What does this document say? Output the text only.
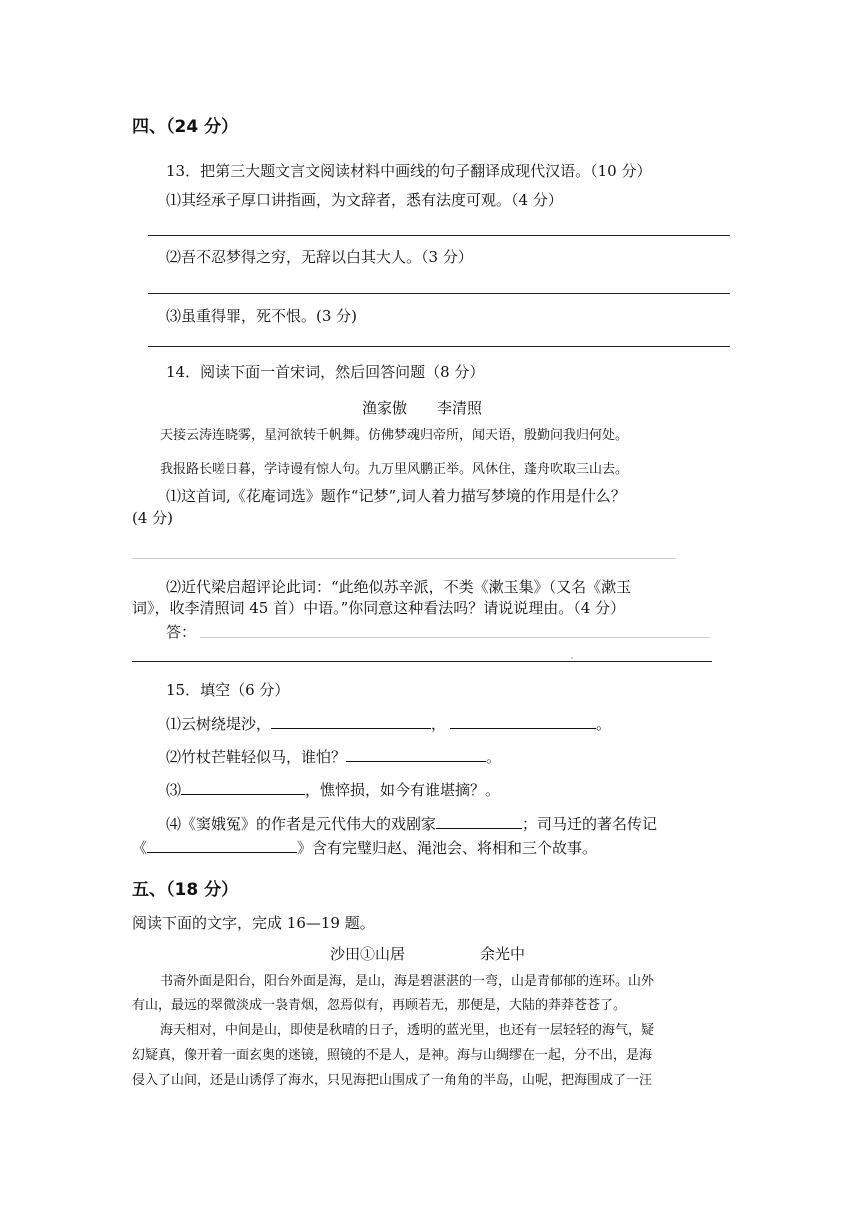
四、（24 分）
13．把第三大题文言文阅读材料中画线的句子翻译成现代汉语。（10 分）
⑴其经承子厚口讲指画，为文辞者，悉有法度可观。（4 分）
⑵吾不忍梦得之穷，无辞以白其大人。（3 分）
⑶虽重得罪，死不恨。(3 分)
14．阅读下面一首宋词，然后回答问题（8 分）
渔家傲　　李清照
天接云涛连晓雾，星河欲转千帆舞。仿佛梦魂归帝所，闻天语，殷勤问我归何处。
我报路长嗟日暮，学诗谩有惊人句。九万里风鹏正举。风休住，蓬舟吹取三山去。
⑴这首词,《花庵词选》题作“记梦”,词人着力描写梦境的作用是什么？
(4 分)
⑵近代梁启超评论此词：“此绝似苏辛派，不类《漱玉集》（又名《漱玉
词》，收李清照词 45 首）中语。”你同意这种看法吗？请说说理由。（4 分）
答：
15．填空（6 分）
⑴云树绕堤沙，	，	。
⑵竹杖芒鞋轻似马，谁怕？	。
⑶	，憔悴损，如今有谁堪摘？。
⑷《窦娥冤》的作者是元代伟大的戏剧家	；司马迁的著名传记
《	》含有完璧归赵、渑池会、将相和三个故事。
五、（18 分）
阅读下面的文字，完成 16—19 题。
沙田①山居　　　　　余光中
书斋外面是阳台，阳台外面是海，是山，海是碧湛湛的一弯，山是青郁郁的连环。山外
有山，最远的翠微淡成一袅青烟，忽焉似有，再顾若无，那便是，大陆的莽莽苍苍了。
海天相对，中间是山，即使是秋晴的日子，透明的蓝光里，也还有一层轻轻的海气，疑
幻疑真，像开着一面玄奥的迷镜，照镜的不是人，是神。海与山绸缪在一起，分不出，是海
侵入了山间，还是山诱俘了海水，只见海把山围成了一角角的半岛，山呢，把海围成了一汪
